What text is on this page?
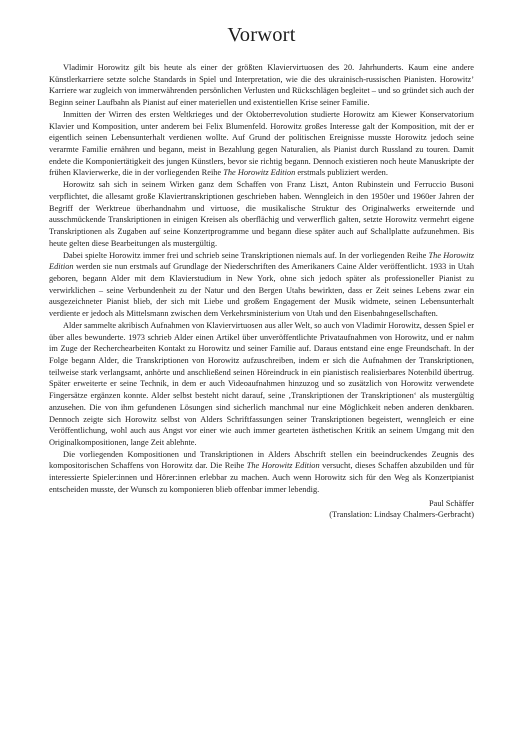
Vorwort

Vladimir Horowitz gilt bis heute als einer der größten Klaviervirtuosen des 20. Jahrhunderts. Kaum eine andere Künstlerkarriere setzte solche Standards in Spiel und Interpretation, wie die des ukrainisch-russischen Pianisten. Horowitz’ Karriere war zugleich von immerwährenden persönlichen Verlusten und Rückschlägen begleitet – und so gründet sich auch der Beginn seiner Laufbahn als Pianist auf einer materiellen und existentiellen Krise seiner Familie.

Inmitten der Wirren des ersten Weltkrieges und der Oktoberrevolution studierte Horowitz am Kiewer Konservatorium Klavier und Komposition, unter anderem bei Felix Blumenfeld. Horowitz großes Interesse galt der Komposition, mit der er eigentlich seinen Lebensunterhalt verdienen wollte. Auf Grund der politischen Ereignisse musste Horowitz jedoch seine verarmte Familie ernähren und begann, meist in Bezahlung gegen Naturalien, als Pianist durch Russland zu touren. Damit endete die Komponiertätigkeit des jungen Künstlers, bevor sie richtig begann. Dennoch existieren noch heute Manuskripte der frühen Klavierwerke, die in der vorliegenden Reihe The Horowitz Edition erstmals publiziert werden.

Horowitz sah sich in seinem Wirken ganz dem Schaffen von Franz Liszt, Anton Rubinstein und Ferruccio Busoni verpflichtet, die allesamt große Klaviertranskriptionen geschrieben haben. Wenngleich in den 1950er und 1960er Jahren der Begriff der Werktreue überhandnahm und virtuose, die musikalische Struktur des Originalwerks erweiternde und ausschmückende Transkriptionen in einigen Kreisen als oberflächig und verwerflich galten, setzte Horowitz vermehrt eigene Transkriptionen als Zugaben auf seine Konzertprogramme und begann diese später auch auf Schallplatte aufzunehmen. Bis heute gelten diese Bearbeitungen als mustergültig.

Dabei spielte Horowitz immer frei und schrieb seine Transkriptionen niemals auf. In der vorliegenden Reihe The Horowitz Edition werden sie nun erstmals auf Grundlage der Niederschriften des Amerikaners Caine Alder veröffentlicht. 1933 in Utah geboren, begann Alder mit dem Klavierstudium in New York, ohne sich jedoch später als professioneller Pianist zu verwirklichen – seine Verbundenheit zu der Natur und den Bergen Utahs bewirkten, dass er Zeit seines Lebens zwar ein ausgezeichneter Pianist blieb, der sich mit Liebe und großem Engagement der Musik widmete, seinen Lebensunterhalt verdiente er jedoch als Mittelsmann zwischen dem Verkehrsministerium von Utah und den Eisenbahngesellschaften.

Alder sammelte akribisch Aufnahmen von Klaviervirtuosen aus aller Welt, so auch von Vladimir Horowitz, dessen Spiel er über alles bewunderte. 1973 schrieb Alder einen Artikel über unveröffentlichte Privataufnahmen von Horowitz, und er nahm im Zuge der Recherchearbeiten Kontakt zu Horowitz und seiner Familie auf. Daraus entstand eine enge Freundschaft. In der Folge begann Alder, die Transkriptionen von Horowitz aufzuschreiben, indem er sich die Aufnahmen der Transkriptionen, teilweise stark verlangsamt, anhörte und anschließend seinen Höreindruck in ein pianistisch realisierbares Notenbild übertrug. Später erweiterte er seine Technik, in dem er auch Videoaufnahmen hinzuzog und so zusätzlich von Horowitz verwendete Fingersätze ergänzen konnte. Alder selbst besteht nicht darauf, seine ‚Transkriptionen der Transkriptionen‘ als mustergültig anzusehen. Die von ihm gefundenen Lösungen sind sicherlich manchmal nur eine Möglichkeit neben anderen denkbaren. Dennoch zeigte sich Horowitz selbst von Alders Schriftfassungen seiner Transkriptionen begeistert, wenngleich er eine Veröffentlichung, wohl auch aus Angst vor einer wie auch immer gearteten ästhetischen Kritik an seinem Umgang mit den Originalkompositionen, lange Zeit ablehnte.

Die vorliegenden Kompositionen und Transkriptionen in Alders Abschrift stellen ein beeindruckendes Zeugnis des kompositorischen Schaffens von Horowitz dar. Die Reihe The Horowitz Edition versucht, dieses Schaffen abzubilden und für interessierte Spieler:innen und Hörer:innen erlebbar zu machen. Auch wenn Horowitz sich für den Weg als Konzertpianist entscheiden musste, der Wunsch zu komponieren blieb offenbar immer lebendig.

Paul Schäffer
(Translation: Lindsay Chalmers-Gerbracht)
